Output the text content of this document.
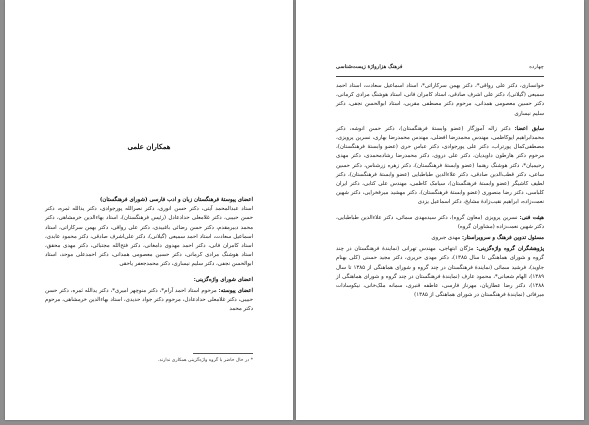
همکاران علمی

اعضای پیوستهٔ فرهنگستان زبان و ادب فارسی (شورای فرهنگستان)
استاد عبدالمحمد آیتی، دکتر حسن انوری، دکتر نصرالله پورجوادی، دکتر یدالله ثمره، دکتر حسن حبیبی، دکتر غلامعلی حدادعادل (رئیس فرهنگستان)، استاد بهاءالدین خرمشاهی، دکتر محمد دبیرمقدم، دکتر حسن رضائی باغبیدی، دکتر علی رواقی، دکتر بهمن سرکاراتی، استاد اسماعیل سعادت، استاد احمد سمیعی (گیلانی)، دکتر علی‌اشرف صادقی، دکتر محمود عابدی، استاد کامران فانی، دکتر احمد مهدوی دامغانی، دکتر فتح‌الله مجتبائی، دکتر مهدی محقق، استاد هوشنگ مرادی کرمانی، دکتر حسین معصومی همدانی، دکتر احمدعلی موحد، استاد ابوالحسن نجفی، دکتر سلیم نیساری، دکتر محمدجعفر یاحقی

اعضای شورای واژه‌گزینی:

اعضای پیوسته: مرحوم استاد احمد آرام*، دکتر منوچهر امیری*، دکتر یدالله ثمره، دکتر حسن حبیبی، دکتر غلامعلی حدادعادل، مرحوم دکتر جواد حدیدی، استاد بهاءالدین خرمشاهی، مرحوم دکتر محمد

* در حال حاضر با گروه واژه‌گزینی همکاری ندارند.
چهارده
فرهنگ هزارواژهٔ زیست‌شناسی

خوانساری، دکتر علی رواقی*، دکتر بهمن سرکاراتی*، استاد اسماعیل سعادت، استاد احمد سمیعی (گیلانی)، دکتر علی اشرف صادقی، استاد کامران فانی، استاد هوشنگ مرادی کرمانی، دکتر حسین معصومی همدانی، مرحوم دکتر مصطفی مقربی، استاد ابوالحسن نجفی، دکتر سلیم نیساری

سابق اعضا: دکتر زاله آموزگار (عضو وابستهٔ فرهنگستان)، دکتر حسن انوشه، دکتر محمدابراهیم ایوکاظمی، مهندس محمدرضا افضلی، مهندس محمدرضا بهاری، نسرین پرویزی، مصطفی‌کمال پورتراب، دکتر علی پورجوادی، دکتر عباس حری (عضو وابستهٔ فرهنگستان)، مرحوم دکتر هارطون داویدیان، دکتر علی دروی، دکتر محمدرضا رشادمحمدی، دکتر مهدی رحیمیان*، دکتر هوشنگ رهنما (عضو وابستهٔ فرهنگستان)، دکتر زهره زرشناس، دکتر حسین ساعی، دکتر قطب‌الدین صادقی، دکتر علاءالدین طباطبایی (عضو وابستهٔ فرهنگستان)، دکتر لطیف کاشیگر (عضو وابستهٔ فرهنگستان)، سیامک کاظمی، مهندس علی کتابی، دکتر ایران کلباسی، دکتر رضا منصوری (عضو وابستهٔ فرهنگستان)، دکتر مهشید میرفخرایی، دکتر شهین نعمت‌زاده، ابراهیم نقیب‌زادهٔ مشایخ، دکتر اسماعیل یزدی

هیئت فنی: نسرین پرویزی (معاون گروه)، دکتر سیدمهدی سمائی، دکتر علاءالدین طباطبایی، دکتر شهین نعمت‌زاده (مشاوران گروه)

مسئول تدوین فرهنگ و سرویراستار: مهدی جبروی

پژوهشگران گروه واژه‌گزینی: مژگان ابتهاجی، مهندس تهرانی (نمایندهٔ فرهنگستان در چند گروه و شورای هماهنگی تا سال ۱۳۸۵)، دکتر مهدی حریری، دکتر مجید حسنی (کلی بهنام جاوید)، فرشید سمائی (نمایندهٔ فرهنگستان در چند گروه و شورای هماهنگی از ۱۳۸۵ تا سال ۱۳۸۹)، الهام شعبانی*، محمود عارف (نمایندهٔ فرهنگستان در چند گروه و شورای هماهنگی از ۱۳۸۸)، دکتر رضا عطاریان، مهرناز فارسی، عاطفه قنبری، سمانه ملک‌خانی، نیکوسادات میرفاتی (نمایندهٔ فرهنگستان در شورای هماهنگی از ۱۳۸۵)
